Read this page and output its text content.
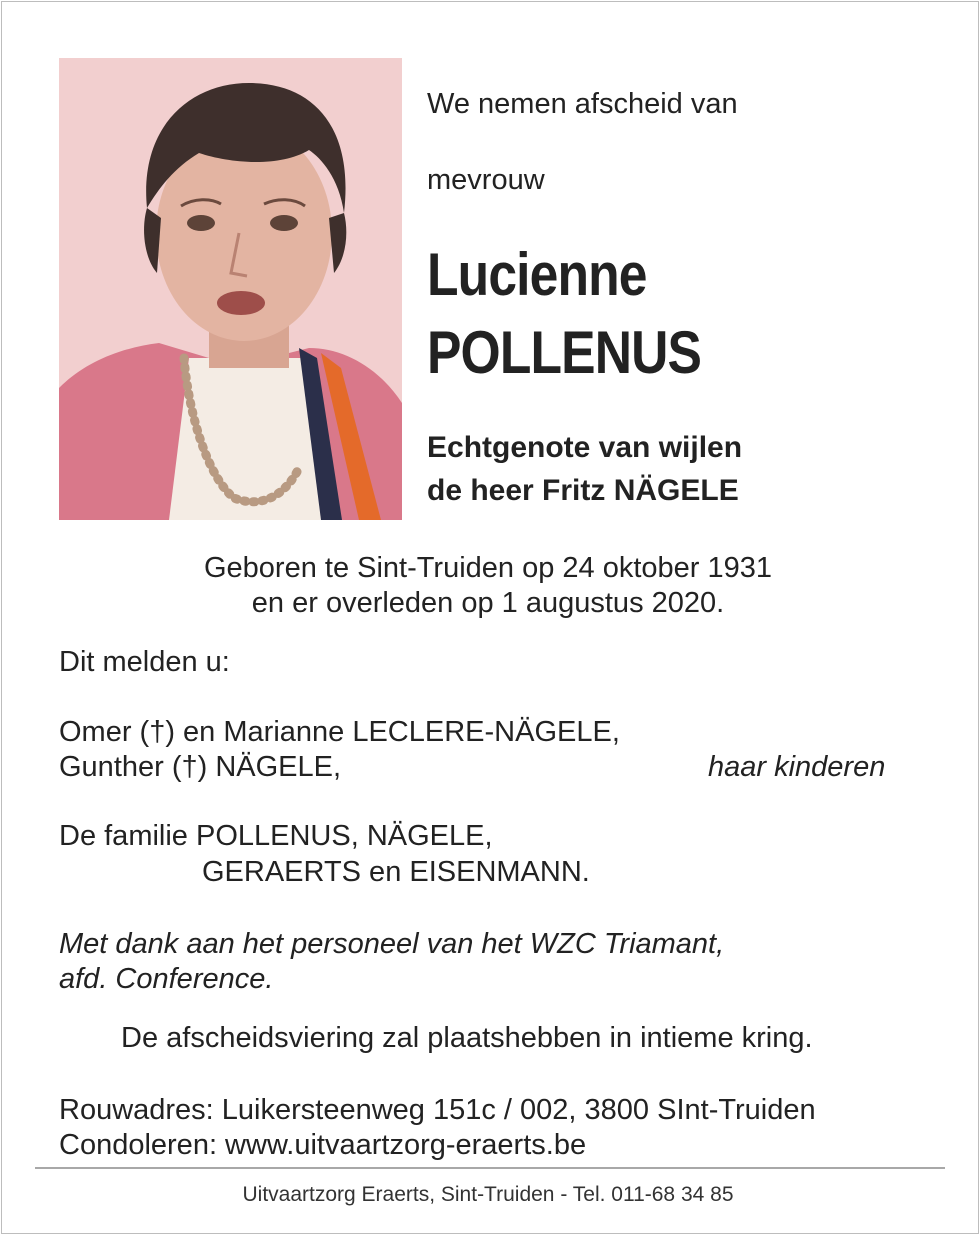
We nemen afscheid van
mevrouw
Lucienne
POLLENUS
Echtgenote van wijlen
de heer Fritz NÄGELE
Geboren te Sint-Truiden op 24 oktober 1931
en er overleden op 1 augustus 2020.
Dit melden u:
Omer (†) en Marianne LECLERE-NÄGELE,
Gunther (†) NÄGELE,	haar kinderen
De familie POLLENUS, NÄGELE,
GERAERTS en EISENMANN.
Met dank aan het personeel van het WZC Triamant,
afd. Conference.
De afscheidsviering zal plaatshebben in intieme kring.
Rouwadres: Luikersteenweg 151c / 002, 3800 SInt-Truiden
Condoleren: www.uitvaartzorg-eraerts.be
Uitvaartzorg Eraerts, Sint-Truiden - Tel. 011-68 34 85
